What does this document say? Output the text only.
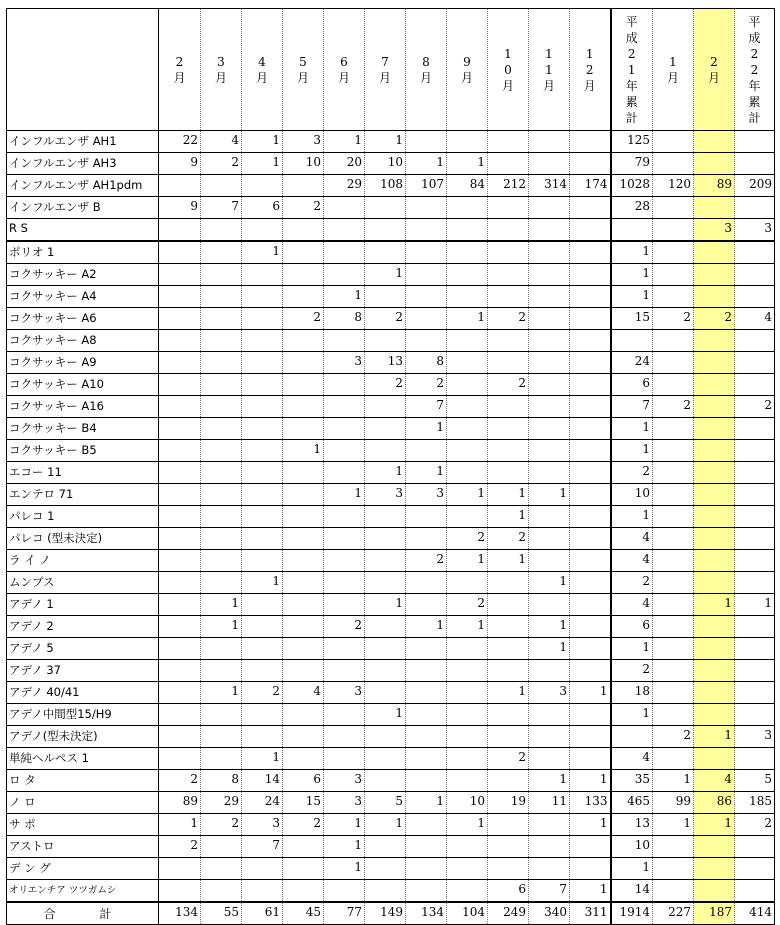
	2月	3月	4月	5月	6月	7月	8月	9月	10月	11月	12月	平成21年累計	1月	2月	平成22年累計
インフルエンザ AH1	22	4	1	3	1	1						125			
インフルエンザ AH3	9	2	1	10	20	10	1	1				79			
インフルエンザ AH1pdm					29	108	107	84	212	314	174	1028	120	89	209
インフルエンザ B	9	7	6	2								28			
R S														3	3
ポリオ 1			1									1			
コクサッキー A2						1						1			
コクサッキー A4					1							1			
コクサッキー A6				2	8	2		1	2			15	2	2	4
コクサッキー A8															
コクサッキー A9					3	13	8					24			
コクサッキー A10						2	2		2			6			
コクサッキー A16							7					7	2		2
コクサッキー B4							1					1			
コクサッキー B5				1								1			
エコー 11						1	1					2			
エンテロ 71					1	3	3	1	1	1		10			
パレコ 1									1			1			
パレコ (型未決定)								2	2			4			
ラ イ ノ							2	1	1			4			
ムンプス			1							1		2			
アデノ 1		1				1		2				4		1	1
アデノ 2		1			2		1	1		1		6			
アデノ 5										1		1			
アデノ 37												2			
アデノ 40/41		1	2	4	3				1	3	1	18			
アデノ中間型15/H9						1						1			
アデノ(型未決定)													2	1	3
単純ヘルペス 1			1						2			4			
ロ タ	2	8	14	6	3					1	1	35	1	4	5
ノ ロ	89	29	24	15	3	5	1	10	19	11	133	465	99	86	185
サ ポ	1	2	3	2	1	1		1			1	13	1	1	2
アストロ	2		7		1							10			
デ ン グ					1							1			
オリエンチア ツツガムシ									6	7	1	14			
合 計	134	55	61	45	77	149	134	104	249	340	311	1914	227	187	414
